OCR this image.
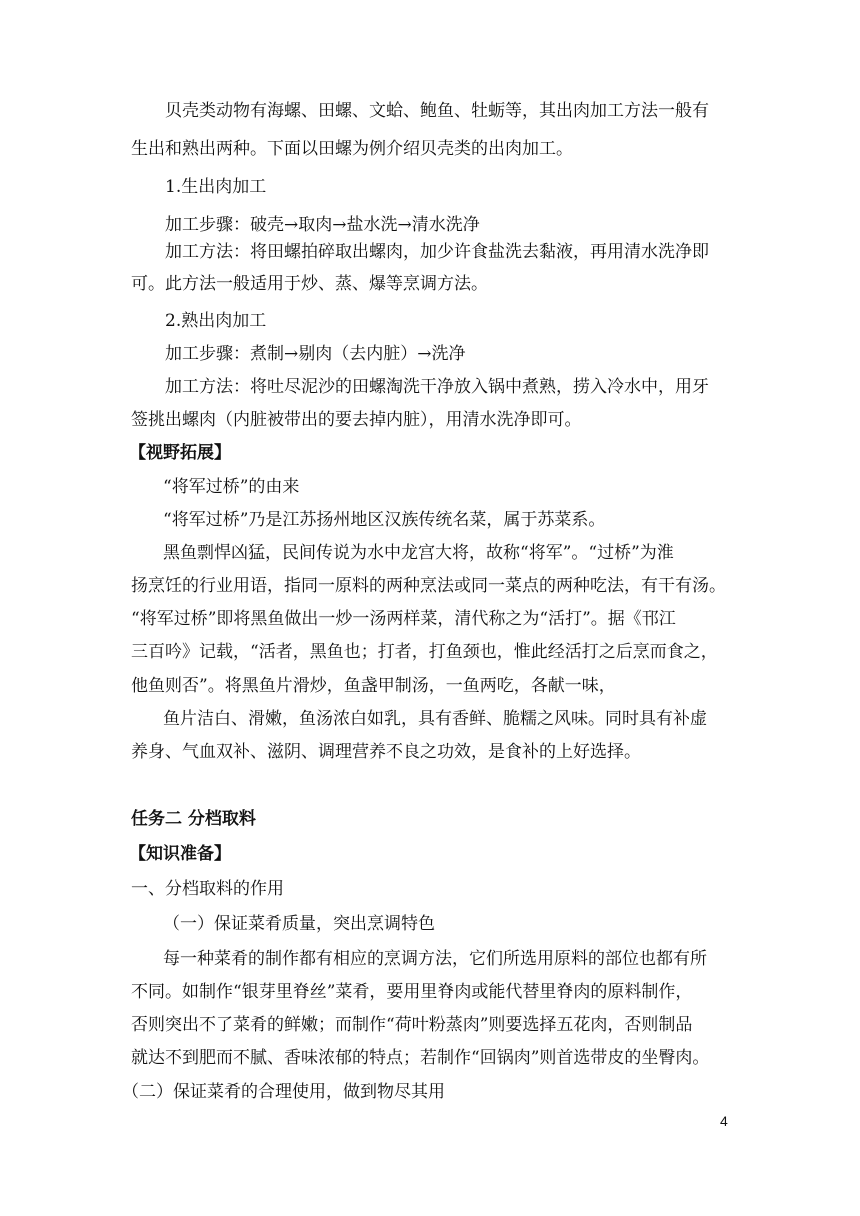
贝壳类动物有海螺、田螺、文蛤、鲍鱼、牡蛎等，其出肉加工方法一般有
生出和熟出两种。下面以田螺为例介绍贝壳类的出肉加工。
1.生出肉加工
加工步骤：破壳→取肉→盐水洗→清水洗净
加工方法：将田螺拍碎取出螺肉，加少许食盐洗去黏液，再用清水洗净即
可。此方法一般适用于炒、蒸、爆等烹调方法。
2.熟出肉加工
加工步骤：煮制→剔肉（去内脏）→洗净
加工方法：将吐尽泥沙的田螺淘洗干净放入锅中煮熟，捞入冷水中，用牙
签挑出螺肉（内脏被带出的要去掉内脏），用清水洗净即可。
【视野拓展】
“将军过桥”的由来
“将军过桥”乃是江苏扬州地区汉族传统名菜，属于苏菜系。
黑鱼剽悍凶猛，民间传说为水中龙宫大将，故称“将军”。“过桥”为淮
扬烹饪的行业用语，指同一原料的两种烹法或同一菜点的两种吃法，有干有汤。
“将军过桥”即将黑鱼做出一炒一汤两样菜，清代称之为“活打”。据《邗江
三百吟》记载，“活者，黑鱼也；打者，打鱼颈也，惟此经活打之后烹而食之，
他鱼则否”。将黑鱼片滑炒，鱼盏甲制汤，一鱼两吃，各献一味，
鱼片洁白、滑嫩，鱼汤浓白如乳，具有香鲜、脆糯之风味。同时具有补虚
养身、气血双补、滋阴、调理营养不良之功效，是食补的上好选择。
任务二 分档取料
【知识准备】
一、分档取料的作用
（一）保证菜肴质量，突出烹调特色
每一种菜肴的制作都有相应的烹调方法，它们所选用原料的部位也都有所
不同。如制作“银芽里脊丝”菜肴，要用里脊肉或能代替里脊肉的原料制作，
否则突出不了菜肴的鲜嫩；而制作“荷叶粉蒸肉”则要选择五花肉，否则制品
就达不到肥而不腻、香味浓郁的特点；若制作“回锅肉”则首选带皮的坐臀肉。
（二）保证菜肴的合理使用，做到物尽其用
4
